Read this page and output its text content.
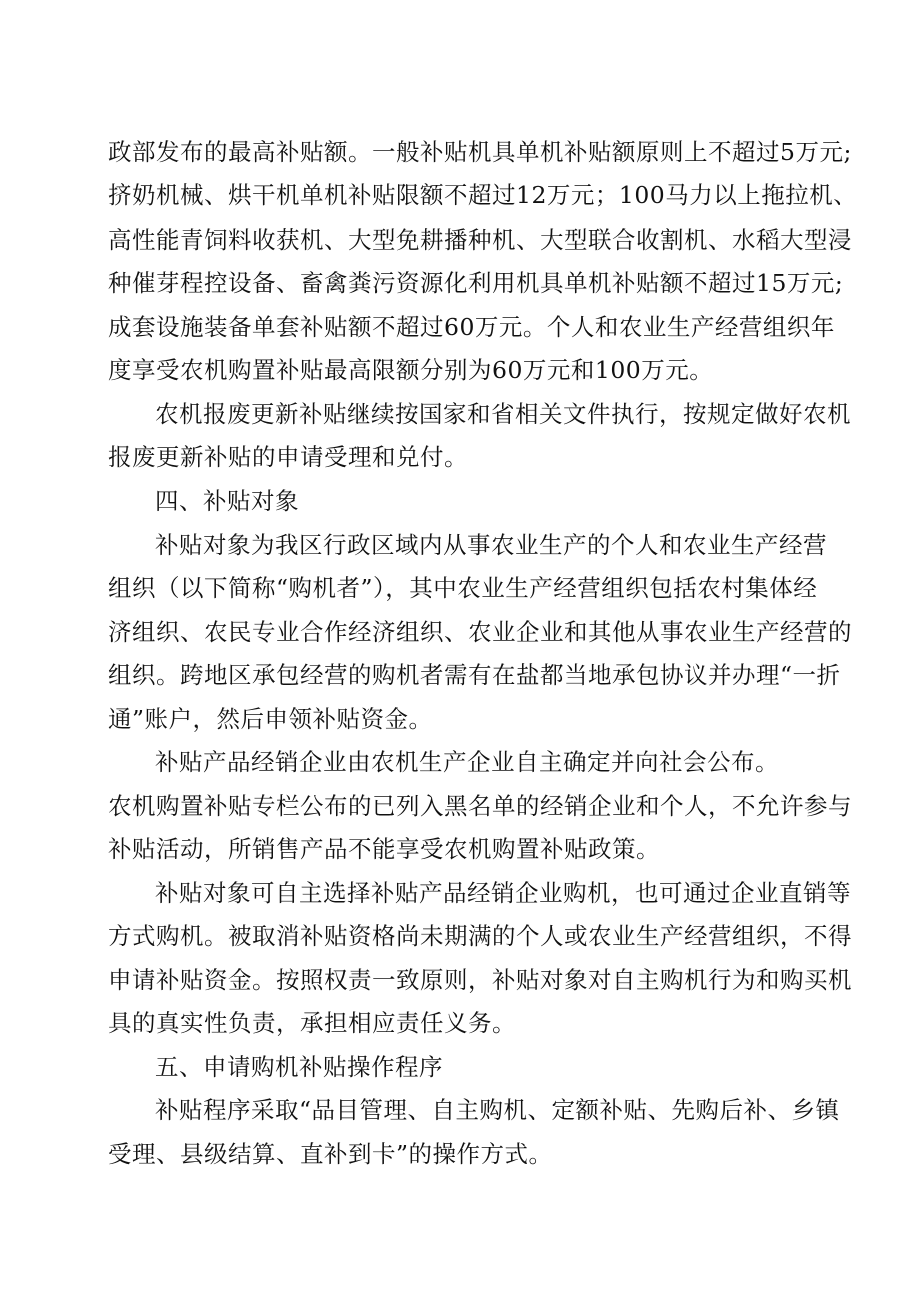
政部发布的最高补贴额。一般补贴机具单机补贴额原则上不超过5万元;
挤奶机械、烘干机单机补贴限额不超过12万元；100马力以上拖拉机、
高性能青饲料收获机、大型免耕播种机、大型联合收割机、水稻大型浸
种催芽程控设备、畜禽粪污资源化利用机具单机补贴额不超过15万元;
成套设施装备单套补贴额不超过60万元。个人和农业生产经营组织年
度享受农机购置补贴最高限额分别为60万元和100万元。
农机报废更新补贴继续按国家和省相关文件执行，按规定做好农机
报废更新补贴的申请受理和兑付。
四、补贴对象
补贴对象为我区行政区域内从事农业生产的个人和农业生产经营
组织（以下简称“购机者”），其中农业生产经营组织包括农村集体经
济组织、农民专业合作经济组织、农业企业和其他从事农业生产经营的
组织。跨地区承包经营的购机者需有在盐都当地承包协议并办理“一折
通”账户，然后申领补贴资金。
补贴产品经销企业由农机生产企业自主确定并向社会公布。
农机购置补贴专栏公布的已列入黑名单的经销企业和个人，不允许参与
补贴活动，所销售产品不能享受农机购置补贴政策。
补贴对象可自主选择补贴产品经销企业购机，也可通过企业直销等
方式购机。被取消补贴资格尚未期满的个人或农业生产经营组织，不得
申请补贴资金。按照权责一致原则，补贴对象对自主购机行为和购买机
具的真实性负责，承担相应责任义务。
五、申请购机补贴操作程序
补贴程序采取“品目管理、自主购机、定额补贴、先购后补、乡镇
受理、县级结算、直补到卡”的操作方式。
